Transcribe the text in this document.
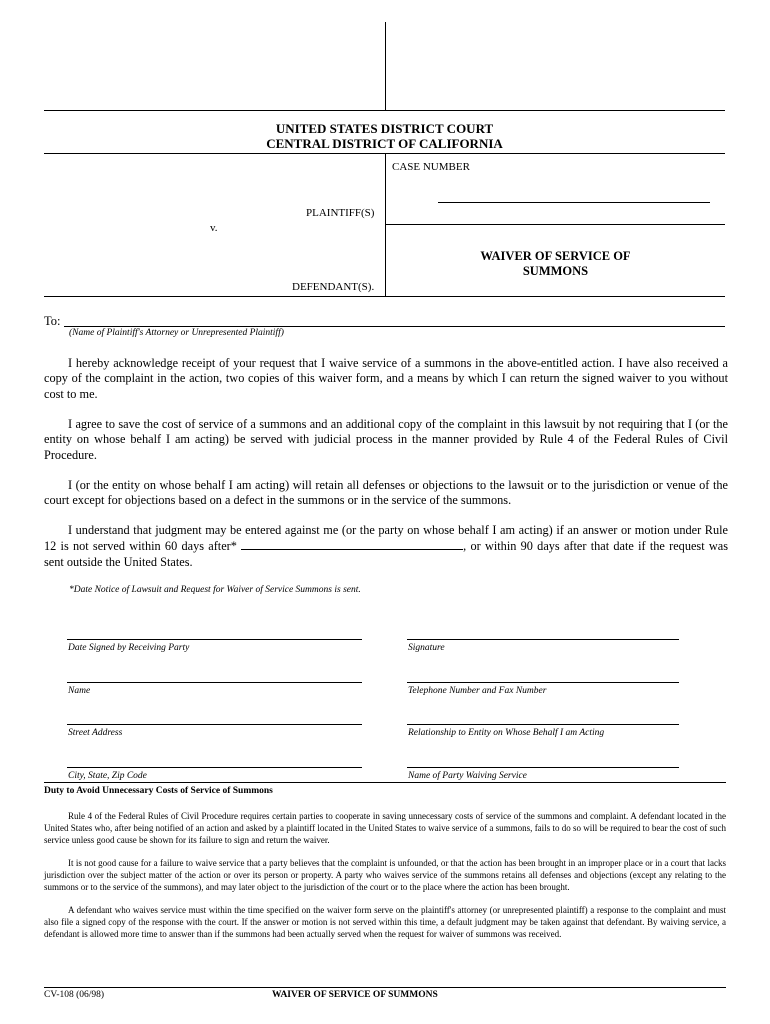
UNITED STATES DISTRICT COURT
CENTRAL DISTRICT OF CALIFORNIA
CASE NUMBER
PLAINTIFF(S)
v.
WAIVER OF SERVICE OF
SUMMONS
DEFENDANT(S).
To:
(Name of Plaintiff's Attorney or Unrepresented Plaintiff)
I hereby acknowledge receipt of your request that I waive service of a summons in the above-entitled action. I have also received a copy of the complaint in the action, two copies of this waiver form, and a means by which I can return the signed waiver to you without cost to me.
I agree to save the cost of service of a summons and an additional copy of the complaint in this lawsuit by not requiring that I (or the entity on whose behalf I am acting) be served with judicial process in the manner provided by Rule 4 of the Federal Rules of Civil Procedure.
I (or the entity on whose behalf I am acting) will retain all defenses or objections to the lawsuit or to the jurisdiction or venue of the court except for objections based on a defect in the summons or in the service of the summons.
I understand that judgment may be entered against me (or the party on whose behalf I am acting) if an answer or motion under Rule 12 is not served within 60 days after*	, or within 90 days after that date if the request was sent outside the United States.
*Date Notice of Lawsuit and Request for Waiver of Service Summons is sent.
Date Signed by Receiving Party	Signature
Name	Telephone Number and Fax Number
Street Address	Relationship to Entity on Whose Behalf I am Acting
City, State, Zip Code	Name of Party Waiving Service
Duty to Avoid Unnecessary Costs of Service of Summons

Rule 4 of the Federal Rules of Civil Procedure requires certain parties to cooperate in saving unnecessary costs of service of the summons and complaint. A defendant located in the United States who, after being notified of an action and asked by a plaintiff located in the United States to waive service of a summons, fails to do so will be required to bear the cost of such service unless good cause be shown for its failure to sign and return the waiver.

It is not good cause for a failure to waive service that a party believes that the complaint is unfounded, or that the action has been brought in an improper place or in a court that lacks jurisdiction over the subject matter of the action or over its person or property. A party who waives service of the summons retains all defenses and objections (except any relating to the summons or to the service of the summons), and may later object to the jurisdiction of the court or to the place where the action has been brought.

A defendant who waives service must within the time specified on the waiver form serve on the plaintiff's attorney (or unrepresented plaintiff) a response to the complaint and must also file a signed copy of the response with the court. If the answer or motion is not served within this time, a default judgment may be taken against that defendant. By waiving service, a defendant is allowed more time to answer than if the summons had been actually served when the request for waiver of summons was received.

CV-108 (06/98)	WAIVER OF SERVICE OF SUMMONS
